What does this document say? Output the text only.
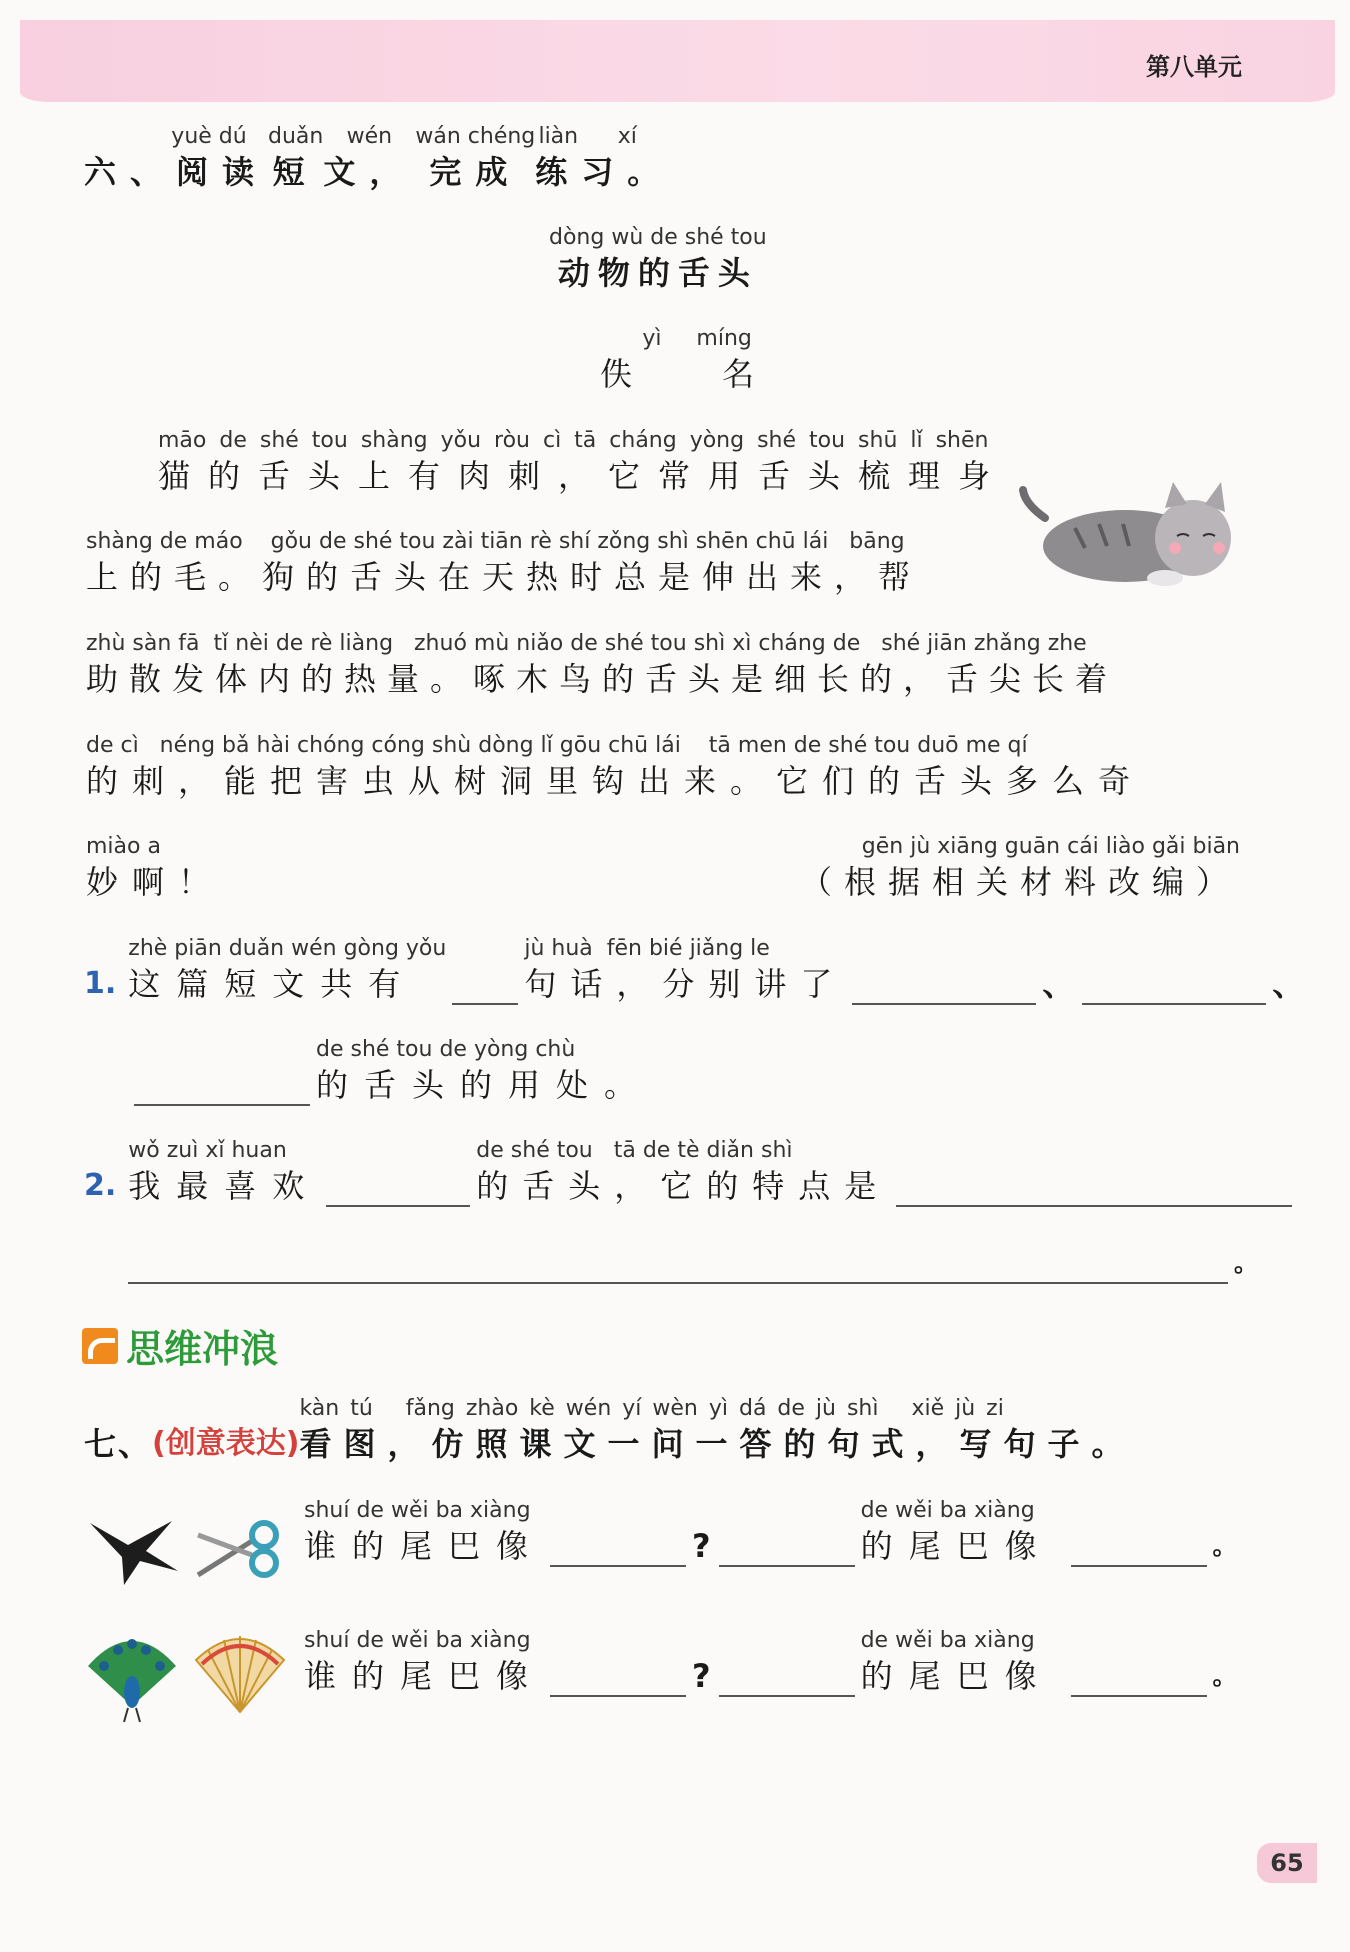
第八单元
yuè dú
六、阅读
duǎn
短
wén
文，
wán chéng
完成
liàn
练
xí
习。
dòng wù de shé tou
动物的舌头
yì     míng
佚 名
māo de shé tou shàng yǒu ròu cì tā cháng yòng shé tou shū lǐ shēn
猫的舌头上有肉刺，它常用舌头梳理身
shàng de máo    gǒu de shé tou zài tiān rè shí zǒng shì shēn chū lái   bāng
上的毛。狗的舌头在天热时总是伸出来，帮
zhù sàn fā  tǐ nèi de rè liàng   zhuó mù niǎo de shé tou shì xì cháng de   shé jiān zhǎng zhe
助散发体内的热量。啄木鸟的舌头是细长的，舌尖长着
de cì   néng bǎ hài chóng cóng shù dòng lǐ gōu chū lái    tā men de shé tou duō me qí
的刺，能把害虫从树洞里钩出来。它们的舌头多么奇
miào a
妙啊！
gēn jù xiāng guān cái liào gǎi biān
（根据相关材料改编）
1.
zhè piān duǎn wén gòng yǒu
这篇短文共有
jù huà  fēn bié jiǎng le
句话，分别讲了	、	、
de shé tou de yòng chù
的舌头的用处。
2.
wǒ zuì xǐ huan
我最喜欢
de shé tou   tā de tè diǎn shì
的舌头，它的特点是
。
思维冲浪
七、 (创意表达)
kàn tú   fǎng zhào kè wén yí wèn yì dá de jù shì   xiě jù zi
看图，仿照课文一问一答的句式，写句子。
shuí de wěi ba xiàng
谁的尾巴像	?
de wěi ba xiàng
的尾巴像	。
shuí de wěi ba xiàng
谁的尾巴像	?
de wěi ba xiàng
的尾巴像	。
65
